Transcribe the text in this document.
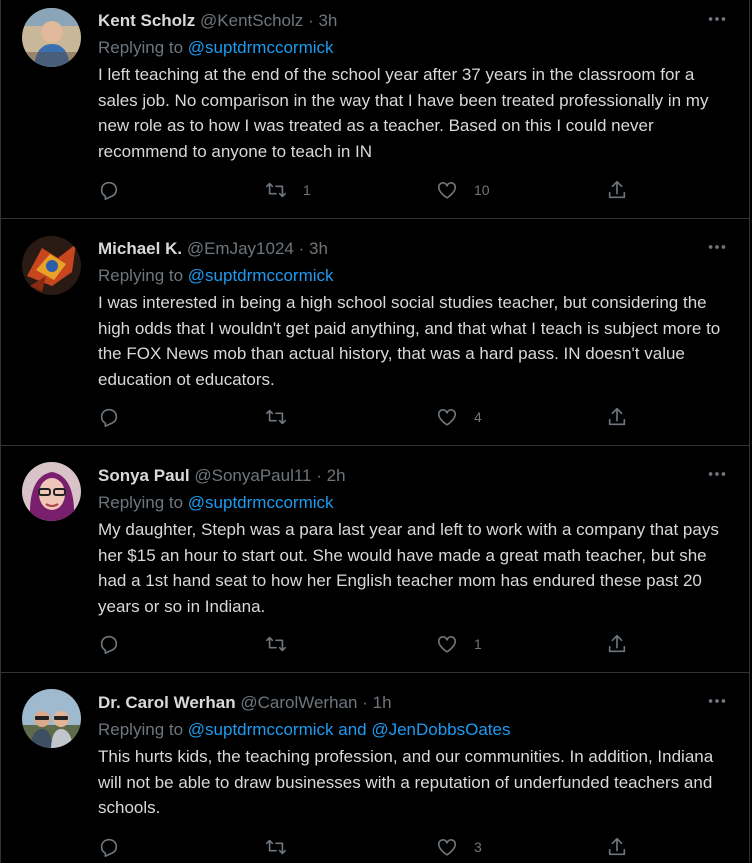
Kent Scholz @KentScholz · 3h
Replying to @suptdrmccormick
I left teaching at the end of the school year after 37 years in the classroom for a sales job. No comparison in the way that I have been treated professionally in my new role as to how I was treated as a teacher. Based on this I could never recommend to anyone to teach in IN
1	10
Michael K. @EmJay1024 · 3h
Replying to @suptdrmccormick
I was interested in being a high school social studies teacher, but considering the high odds that I wouldn't get paid anything, and that what I teach is subject more to the FOX News mob than actual history, that was a hard pass. IN doesn't value education ot educators.
4
Sonya Paul @SonyaPaul11 · 2h
Replying to @suptdrmccormick
My daughter, Steph was a para last year and left to work with a company that pays her $15 an hour to start out. She would have made a great math teacher, but she had a 1st hand seat to how her English teacher mom has endured these past 20 years or so in Indiana.
1
Dr. Carol Werhan @CarolWerhan · 1h
Replying to @suptdrmccormick and @JenDobbsOates
This hurts kids, the teaching profession, and our communities. In addition, Indiana will not be able to draw businesses with a reputation of underfunded teachers and schools.
3
